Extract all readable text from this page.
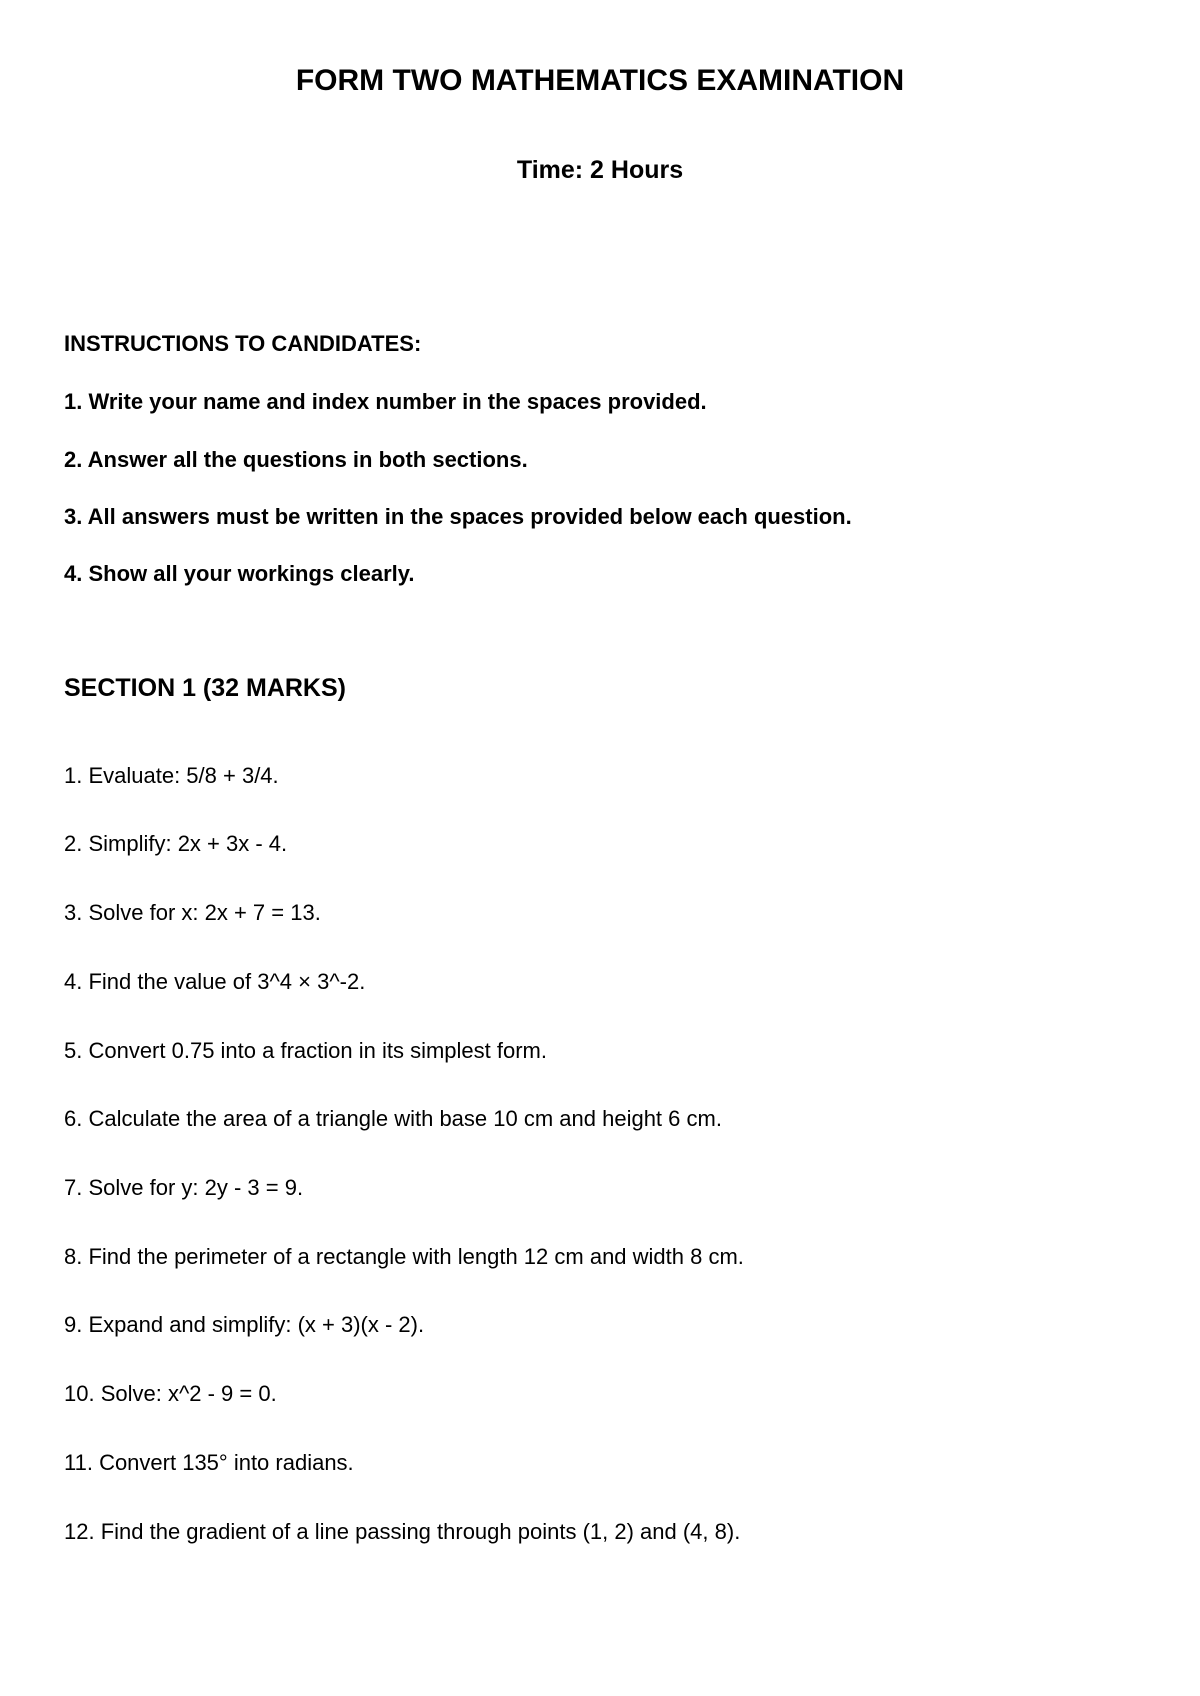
FORM TWO MATHEMATICS EXAMINATION
Time: 2 Hours
INSTRUCTIONS TO CANDIDATES:

1. Write your name and index number in the spaces provided.

2. Answer all the questions in both sections.

3. All answers must be written in the spaces provided below each question.

4. Show all your workings clearly.

SECTION 1 (32 MARKS)

1. Evaluate: 5/8 + 3/4.

2. Simplify: 2x + 3x - 4.

3. Solve for x: 2x + 7 = 13.

4. Find the value of 3^4 × 3^-2.

5. Convert 0.75 into a fraction in its simplest form.

6. Calculate the area of a triangle with base 10 cm and height 6 cm.

7. Solve for y: 2y - 3 = 9.

8. Find the perimeter of a rectangle with length 12 cm and width 8 cm.

9. Expand and simplify: (x + 3)(x - 2).

10. Solve: x^2 - 9 = 0.

11. Convert 135° into radians.

12. Find the gradient of a line passing through points (1, 2) and (4, 8).
